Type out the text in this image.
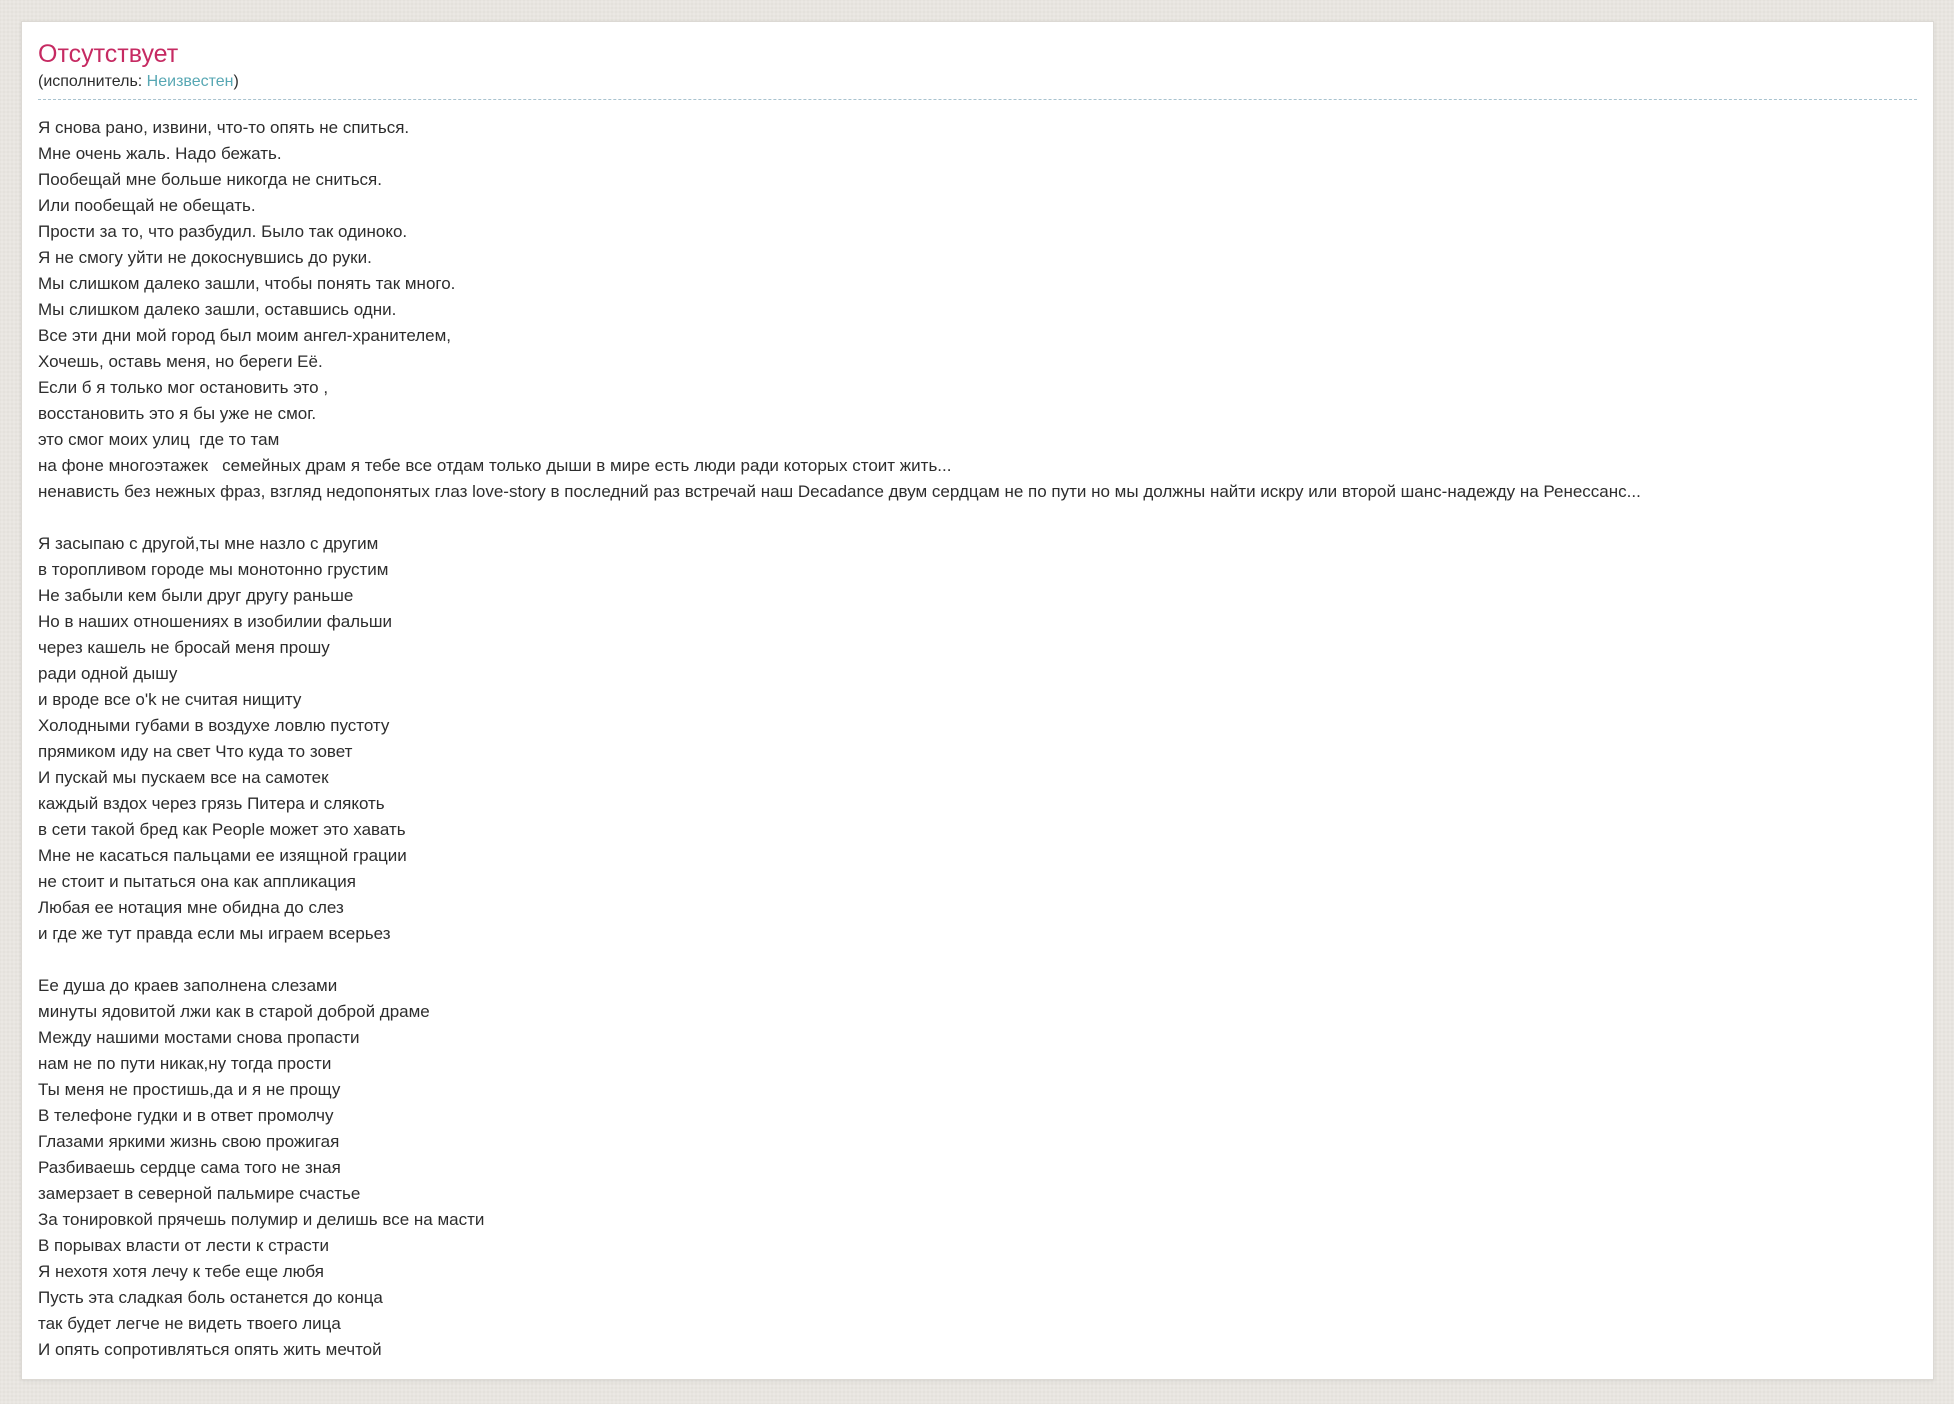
Отсутствует
(исполнитель: Неизвестен)
Я снова рано, извини, что-то опять не спиться.
Мне очень жаль. Надо бежать.
Пообещай мне больше никогда не сниться.
Или пообещай не обещать.
Прости за то, что разбудил. Было так одиноко.
Я не смогу уйти не докоснувшись до руки.
Мы слишком далеко зашли, чтобы понять так много.
Мы слишком далеко зашли, оставшись одни.
Все эти дни мой город был моим ангел-хранителем,
Хочешь, оставь меня, но береги Её.
Если б я только мог остановить это ,
восстановить это я бы уже не смог.
это смог моих улиц  где то там
на фоне многоэтажек   семейных драм я тебе все отдам только дыши в мире есть люди ради которых стоит жить...
ненависть без нежных фраз, взгляд недопонятых глаз love-story в последний раз встречай наш Decadance двум сердцам не по пути но мы должны найти искру или второй шанс-надежду на Ренессанс...
Я засыпаю с другой,ты мне назло с другим
в торопливом городе мы монотонно грустим
Не забыли кем были друг другу раньше
Но в наших отношениях в изобилии фальши
через кашель не бросай меня прошу
ради одной дышу
и вроде все o'k не считая нищиту
Холодными губами в воздухе ловлю пустоту
прямиком иду на свет Что куда то зовет
И пускай мы пускаем все на самотек
каждый вздох через грязь Питера и слякоть
в сети такой бред как People может это хавать
Мне не касаться пальцами ее изящной грации
не стоит и пытаться она как аппликация
Любая ее нотация мне обидна до слез
и где же тут правда если мы играем всерьез
Ее душа до краев заполнена слезами
минуты ядовитой лжи как в старой доброй драме
Между нашими мостами снова пропасти
нам не по пути никак,ну тогда прости
Ты меня не простишь,да и я не прощу
В телефоне гудки и в ответ промолчу
Глазами яркими жизнь свою прожигая
Разбиваешь сердце сама того не зная
замерзает в северной пальмире счастье
За тонировкой прячешь полумир и делишь все на масти
В порывах власти от лести к страсти
Я нехотя хотя лечу к тебе еще любя
Пусть эта сладкая боль останется до конца
так будет легче не видеть твоего лица
И опять сопротивляться опять жить мечтой
